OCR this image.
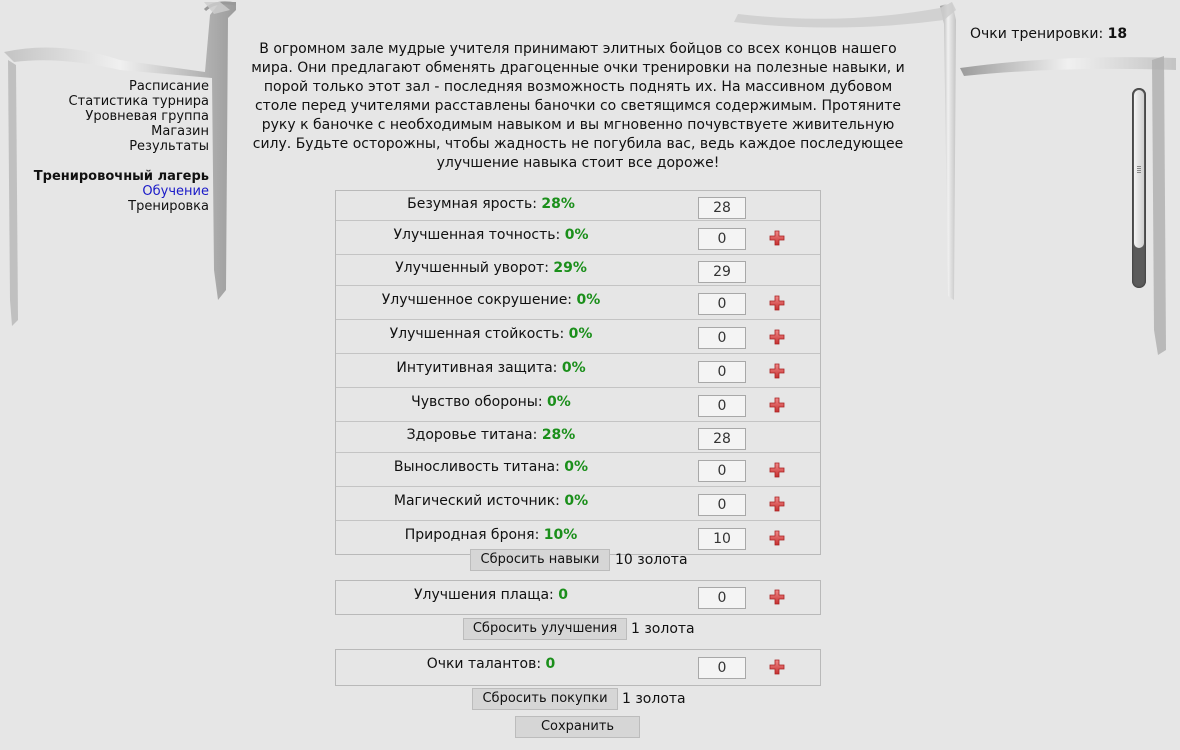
Расписание
Статистика турнира
Уровневая группа
Магазин
Результаты
Тренировочный лагерь
Обучение
Тренировка
Очки тренировки: 18
В огромном зале мудрые учителя принимают элитных бойцов со всех концов нашего мира. Они предлагают обменять драгоценные очки тренировки на полезные навыки, и порой только этот зал - последняя возможность поднять их. На массивном дубовом столе перед учителями расставлены баночки со светящимся содержимым. Протяните руку к баночке с необходимым навыком и вы мгновенно почувствуете живительную силу. Будьте осторожны, чтобы жадность не погубила вас, ведь каждое последующее улучшение навыка стоит все дороже!
Безумная ярость: 28%	28
Улучшенная точность: 0%	0
Улучшенный уворот: 29%	29
Улучшенное сокрушение: 0%	0
Улучшенная стойкость: 0%	0
Интуитивная защита: 0%	0
Чувство обороны: 0%	0
Здоровье титана: 28%	28
Выносливость титана: 0%	0
Магический источник: 0%	0
Природная броня: 10%	10
Сбросить навыки	10 золота
Улучшения плаща: 0	0
Сбросить улучшения 1 золота
Очки талантов: 0	0
Сбросить покупки	1 золота
Сохранить
